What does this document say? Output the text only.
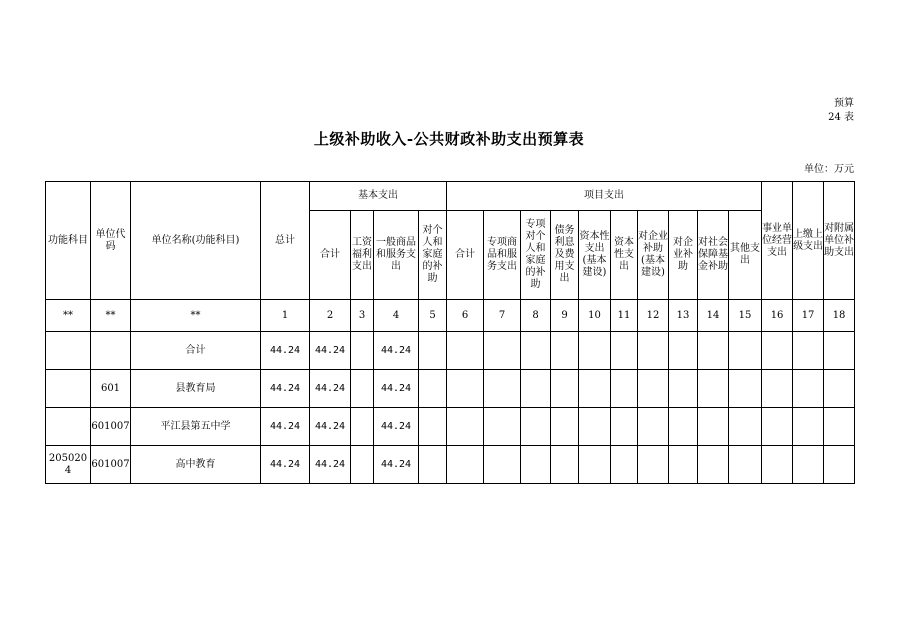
预算
24 表
上级补助收入-公共财政补助支出预算表
单位：万元
功能科目	单位代码	单位名称(功能科目)	总计	基本支出				项目支出										事业单位经营支出	上缴上级支出	对附属单位补助支出
				合计	工资福利支出	一般商品和服务支出	对个人和家庭的补助	合计	专项商品和服务支出	专项对个人和家庭的补助	债务利息及费用支出	资本性支出(基本建设)	资本性支出	对企业补助(基本建设)	对企业补助	对社会保障基金补助	其他支出			
**	**	**	1	2	3	4	5	6	7	8	9	10	11	12	13	14	15	16	17	18
		合计	44.24	44.24		44.24														
	601	县教育局	44.24	44.24		44.24														
	601007	平江县第五中学	44.24	44.24		44.24														
2050204	601007	高中教育	44.24	44.24		44.24														
